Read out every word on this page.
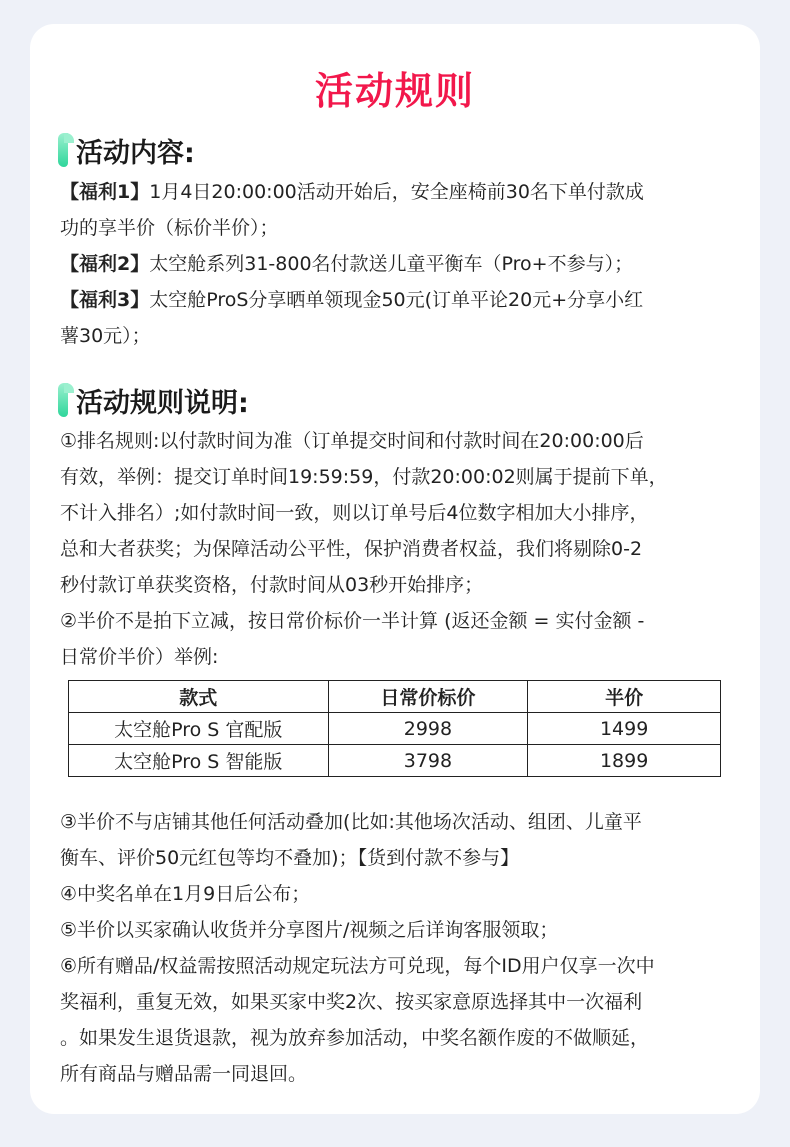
活动规则
活动内容:
【福利1】1月4日20:00:00活动开始后，安全座椅前30名下单付款成
功的享半价（标价半价）；
【福利2】太空舱系列31-800名付款送儿童平衡车（Pro+不参与）；
【福利3】太空舱ProS分享晒单领现金50元(订单平论20元+分享小红
薯30元）；
活动规则说明:
①排名规则:以付款时间为准（订单提交时间和付款时间在20:00:00后
有效，举例：提交订单时间19:59:59，付款20:00:02则属于提前下单，
不计入排名）;如付款时间一致，则以订单号后4位数字相加大小排序，
总和大者获奖；为保障活动公平性，保护消费者权益，我们将剔除0-2
秒付款订单获奖资格，付款时间从03秒开始排序；
②半价不是拍下立减，按日常价标价一半计算 (返还金额 = 实付金额 -
日常价半价）举例:
款式	日常价标价	半价
太空舱Pro S 官配版	2998	1499
太空舱Pro S 智能版	3798	1899
③半价不与店铺其他任何活动叠加(比如:其他场次活动、组团、儿童平
衡车、评价50元红包等均不叠加)；【货到付款不参与】
④中奖名单在1月9日后公布；
⑤半价以买家确认收货并分享图片/视频之后详询客服领取；
⑥所有赠品/权益需按照活动规定玩法方可兑现，每个ID用户仅享一次中
奖福利，重复无效，如果买家中奖2次、按买家意原选择其中一次福利
。如果发生退货退款，视为放弃参加活动，中奖名额作废的不做顺延，
所有商品与赠品需一同退回。
